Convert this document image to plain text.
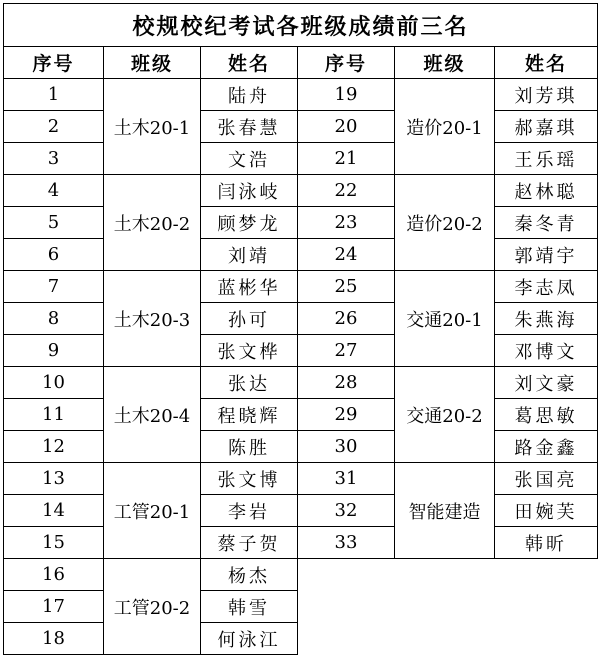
校规校纪考试各班级成绩前三名					
序号	班级	姓名	序号	班级	姓名
1	土木20-1	陆舟	19	造价20-1	刘芳琪
2		张春慧	20		郝嘉琪
3		文浩	21		王乐瑶
4	土木20-2	闫泳岐	22	造价20-2	赵林聪
5		顾梦龙	23		秦冬青
6		刘靖	24		郭靖宇
7	土木20-3	蓝彬华	25	交通20-1	李志凤
8		孙可	26		朱燕海
9		张文桦	27		邓博文
10	土木20-4	张达	28	交通20-2	刘文豪
11		程晓辉	29		葛思敏
12		陈胜	30		路金鑫
13	工管20-1	张文博	31	智能建造	张国亮
14		李岩	32		田婉芙
15		蔡子贺	33		韩昕
16	工管20-2	杨杰			
17		韩雪			
18		何泳江			
